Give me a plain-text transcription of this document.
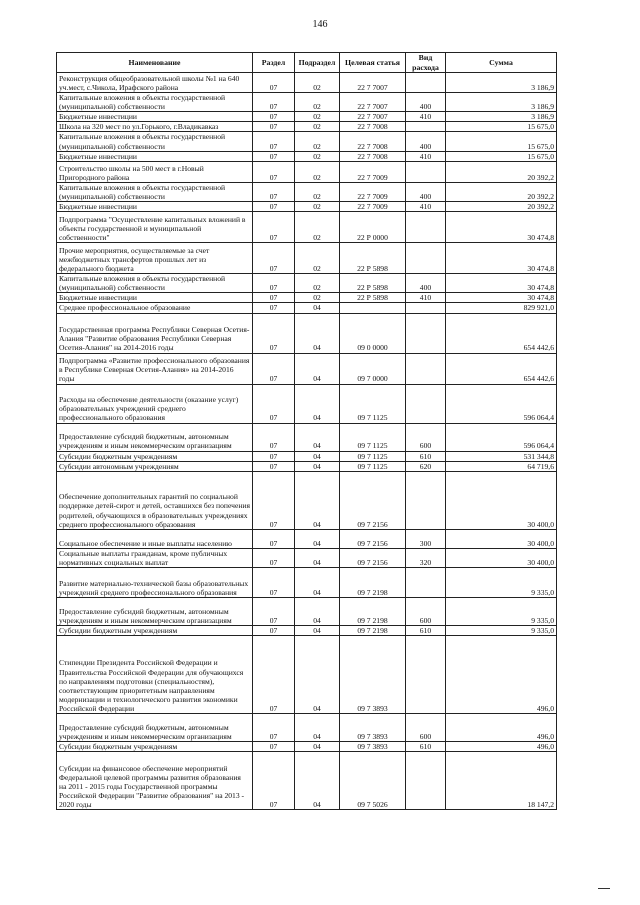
146
Наименование	Раздел	Подраздел	Целевая статья	Вид расхода	Сумма
Реконструкция общеобразовательной школы №1 на 640 уч.мест, с.Чикола, Ирафского района	07	02	22 7 7007		3 186,9
Капитальные вложения в объекты государственной (муниципальной) собственности	07	02	22 7 7007	400	3 186,9
Бюджетные инвестиции	07	02	22 7 7007	410	3 186,9
Школа на 320 мест по ул.Горького, г.Владикавказ	07	02	22 7 7008		15 675,0
Капитальные вложения в объекты государственной (муниципальной) собственности	07	02	22 7 7008	400	15 675,0
Бюджетные инвестиции	07	02	22 7 7008	410	15 675,0
Строительство школы на 500 мест в г.Новый Пригородного района	07	02	22 7 7009		20 392,2
Капитальные вложения в объекты государственной (муниципальной) собственности	07	02	22 7 7009	400	20 392,2
Бюджетные инвестиции	07	02	22 7 7009	410	20 392,2
Подпрограмма "Осуществление капитальных вложений в объекты государственной и муниципальной собственности"	07	02	22 Р 0000		30 474,8
Прочие мероприятия, осуществляемые за счет межбюджетных трансфертов прошлых лет из федерального бюджета	07	02	22 Р 5898		30 474,8
Капитальные вложения в объекты государственной (муниципальной) собственности	07	02	22 Р 5898	400	30 474,8
Бюджетные инвестиции	07	02	22 Р 5898	410	30 474,8
Среднее профессиональное образование	07	04			829 921,0
Государственная программа Республики Северная Осетия-Алания "Развитие образования Республики Северная Осетия-Алания" на 2014-2016 годы	07	04	09 0 0000		654 442,6
Подпрограмма «Развитие профессионального образования в Республике Северная Осетия-Алания» на 2014-2016 годы	07	04	09 7 0000		654 442,6
Расходы на обеспечение деятельности (оказание услуг) образовательных учреждений среднего профессионального образования	07	04	09 7 1125		596 064,4
Предоставление субсидий бюджетным, автономным учреждениям и иным некоммерческим организациям	07	04	09 7 1125	600	596 064,4
Субсидии бюджетным учреждениям	07	04	09 7 1125	610	531 344,8
Субсидии автономным учреждениям	07	04	09 7 1125	620	64 719,6
Обеспечение дополнительных гарантий по социальной поддержке детей-сирот и детей, оставшихся без попечения родителей, обучающихся в образовательных учреждениях среднего профессионального образования	07	04	09 7 2156		30 400,0
Социальное обеспечение и иные выплаты населению	07	04	09 7 2156	300	30 400,0
Социальные выплаты гражданам, кроме публичных нормативных социальных выплат	07	04	09 7 2156	320	30 400,0
Развитие материально-технической базы образовательных учреждений среднего профессионального образования	07	04	09 7 2198		9 335,0
Предоставление субсидий бюджетным, автономным учреждениям и иным некоммерческим организациям	07	04	09 7 2198	600	9 335,0
Субсидии бюджетным учреждениям	07	04	09 7 2198	610	9 335,0
Стипендии Президента Российской Федерации и Правительства Российской Федерации для обучающихся по направлениям подготовки (специальностям), соответствующим приоритетным направлениям модернизации и технологического развития экономики Российской Федерации	07	04	09 7 3893		496,0
Предоставление субсидий бюджетным, автономным учреждениям и иным некоммерческим организациям	07	04	09 7 3893	600	496,0
Субсидии бюджетным учреждениям	07	04	09 7 3893	610	496,0
Субсидии на финансовое обеспечение мероприятий Федеральной целевой программы развития образования на 2011 - 2015 годы Государственной программы Российской Федерации "Развитие образования" на 2013 - 2020 годы	07	04	09 7 5026		18 147,2
